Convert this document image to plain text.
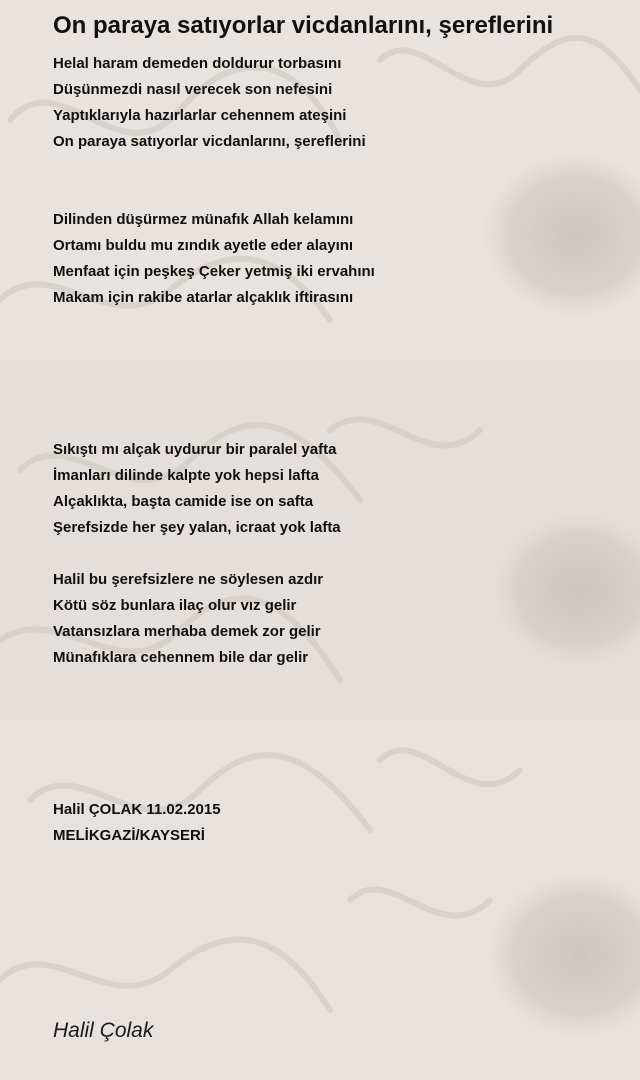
On paraya satıyorlar vicdanlarını, şereflerini
Helal haram demeden doldurur torbasını
Düşünmezdi nasıl verecek son nefesini
Yaptıklarıyla hazırlarlar cehennem ateşini
On paraya satıyorlar vicdanlarını, şereflerini
Dilinden düşürmez münafık Allah kelamını
Ortamı buldu mu zındık ayetle eder alayını
Menfaat için peşkeş Çeker yetmiş iki ervahını
Makam için rakibe atarlar alçaklık iftirasını
Sıkıştı mı alçak uydurur bir paralel yafta
İmanları dilinde kalpte yok hepsi lafta
Alçaklıkta, başta camide ise on safta
Şerefsizde her şey yalan, icraat yok lafta
Halil bu şerefsizlere ne söylesen azdır
Kötü söz bunlara ilaç olur vız gelir
Vatansızlara merhaba demek zor gelir
Münafıklara cehennem bile dar gelir
Halil ÇOLAK 11.02.2015
MELİKGAZİ/KAYSERİ
Halil Çolak
